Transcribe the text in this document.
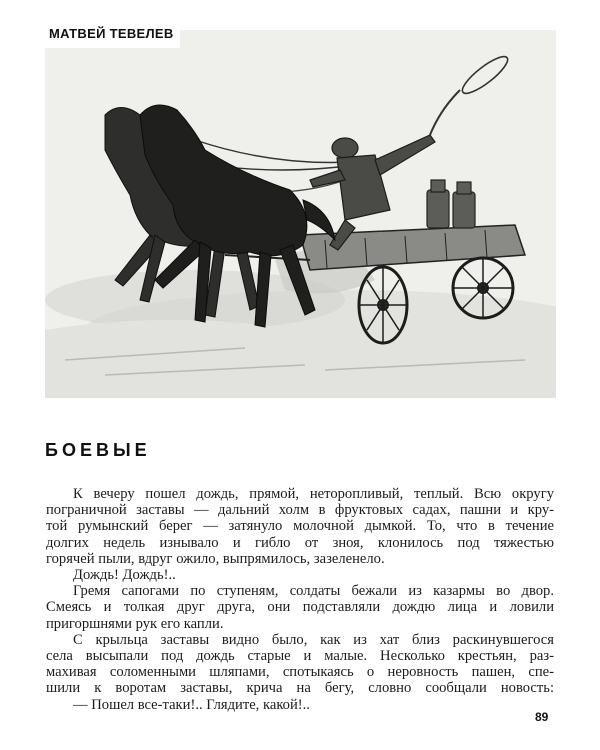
МАТВЕЙ ТЕВЕЛЕВ
БОЕВЫЕ
К вечеру пошел дождь, прямой, неторопливый, теплый. Всю округу
пограничной заставы — дальний холм в фруктовых садах, пашни и кру-
той румынский берег — затянуло молочной дымкой. То, что в течение
долгих недель изнывало и гибло от зноя, клонилось под тяжестью
горячей пыли, вдруг ожило, выпрямилось, зазеленело.
Дождь! Дождь!..
Гремя сапогами по ступеням, солдаты бежали из казармы во двор.
Смеясь и толкая друг друга, они подставляли дождю лица и ловили
пригоршнями рук его капли.
С крыльца заставы видно было, как из хат близ раскинувшегося
села высыпали под дождь старые и малые. Несколько крестьян, раз-
махивая соломенными шляпами, спотыкаясь о неровность пашен, спе-
шили к воротам заставы, крича на бегу, словно сообщали новость:
— Пошел все-таки!.. Глядите, какой!..
89
